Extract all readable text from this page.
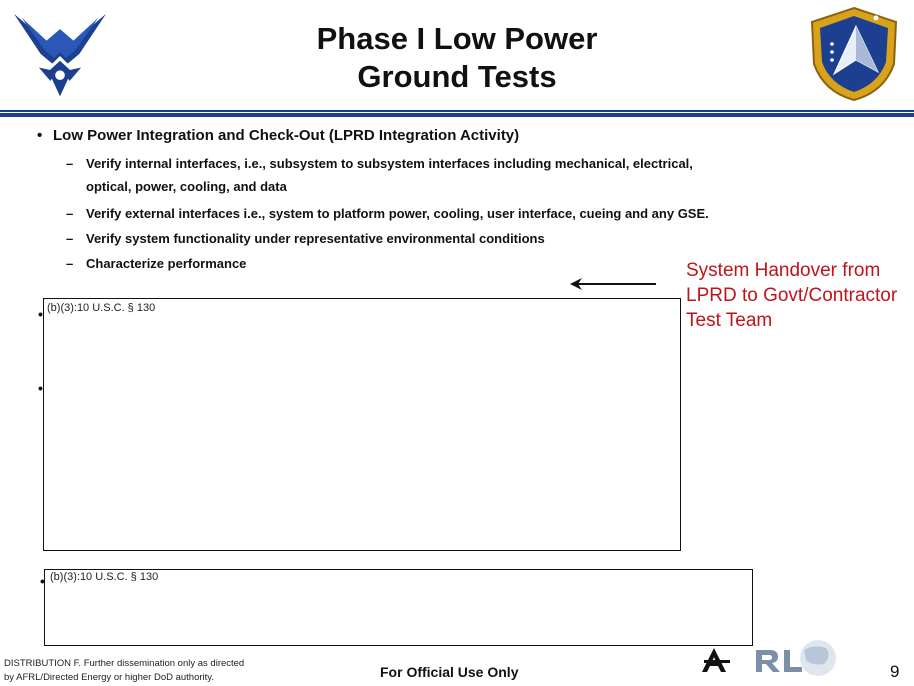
Phase I Low Power
Ground Tests
• Low Power Integration and Check-Out (LPRD Integration Activity)
– Verify internal interfaces, i.e., subsystem to subsystem interfaces including mechanical, electrical,
optical, power, cooling, and data
– Verify external interfaces i.e., system to platform power, cooling, user interface, cueing and any GSE.
– Verify system functionality under representative environmental conditions
– Characterize performance	System Handover from
LPRD to Govt/Contractor
Test Team
(b)(3):10 U.S.C. § 130
•
•
(b)(3):10 U.S.C. § 130
•
DISTRIBUTION F. Further dissemination only as directed
by AFRL/Directed Energy or higher DoD authority.	For Official Use Only	9
